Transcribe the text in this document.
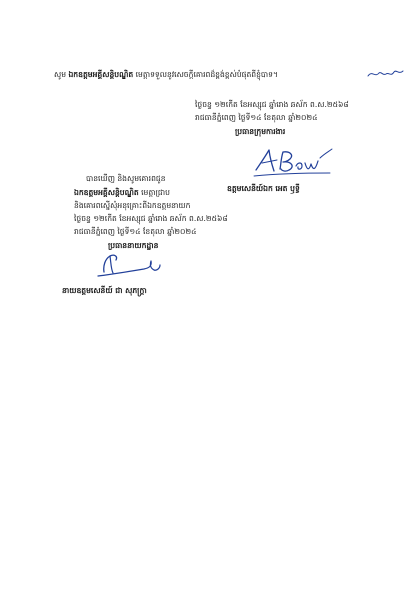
សូម ឯកឧត្តមអគ្គីសន្តិបណ្ឌិត មេត្តាទទួលនូវសេចក្តីគោរពដ៏ខ្ពង់ខ្ពស់បំផុតពីខ្ញុំបាទ។
ថ្ងៃចន្ទ ១២កើត ខែអស្សុជ ឆ្នាំរោង ឆស័ក ព.ស.២៥៦៨
រាជធានីភ្នំពេញ ថ្ងៃទី១៤ ខែតុលា ឆ្នាំ២០២៤
ប្រធានក្រុមការងារ
ឧត្តមសេនីយ៍ឯក អេត ឫទ្ធី
បានឃើញ និងសូមគោរពជូន
ឯកឧត្តមអគ្គីសន្តិបណ្ឌិត មេត្តាជ្រាប
និងគោរពស្នើសុំអនុគ្រោះពីឯកឧត្តមនាយក
ថ្ងៃចន្ទ ១២កើត ខែអស្សុជ ឆ្នាំរោង ឆស័ក ព.ស.២៥៦៨
រាជធានីភ្នំពេញ ថ្ងៃទី១៤ ខែតុលា ឆ្នាំ២០២៤
ប្រធាននាយកដ្ឋាន
នាយឧត្តមសេនីយ៍ ជា សុភក្ត្រា
